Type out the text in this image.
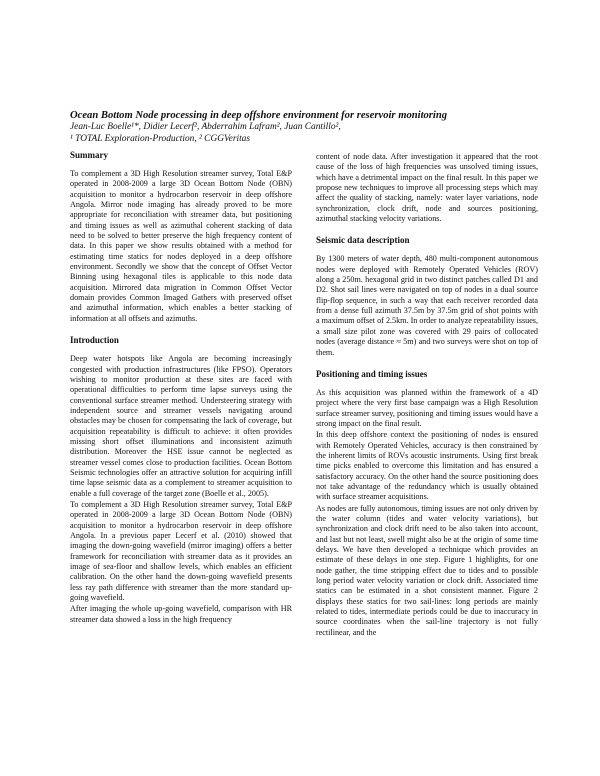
Ocean Bottom Node processing in deep offshore environment for reservoir monitoring

Jean-Luc Boelle¹*, Didier Lecerf², Abderrahim Lafram², Juan Cantillo²,

¹ TOTAL Exploration-Production, ² CGGVeritas

Summary

To complement a 3D High Resolution streamer survey, Total E&P operated in 2008-2009 a large 3D Ocean Bottom Node (OBN) acquisition to monitor a hydrocarbon reservoir in deep offshore Angola. Mirror node imaging has already proved to be more appropriate for reconciliation with streamer data, but positioning and timing issues as well as azimuthal coherent stacking of data need to be solved to better preserve the high frequency content of data. In this paper we show results obtained with a method for estimating time statics for nodes deployed in a deep offshore environment. Secondly we show that the concept of Offset Vector Binning using hexagonal tiles is applicable to this node data acquisition. Mirrored data migration in Common Offset Vector domain provides Common Imaged Gathers with preserved offset and azimuthal information, which enables a better stacking of information at all offsets and azimuths.

Introduction

Deep water hotspots like Angola are becoming increasingly congested with production infrastructures (like FPSO). Operators wishing to monitor production at these sites are faced with operational difficulties to perform time lapse surveys using the conventional surface streamer method. Understeering strategy with independent source and streamer vessels navigating around obstacles may be chosen for compensating the lack of coverage, but acquisition repeatability is difficult to achieve: it often provides missing short offset illuminations and inconsistent azimuth distribution. Moreover the HSE issue cannot be neglected as streamer vessel comes close to production facilities. Ocean Bottom Seismic technologies offer an attractive solution for acquiring infill time lapse seismic data as a complement to streamer acquisition to enable a full coverage of the target zone (Boelle et al., 2005).

To complement a 3D High Resolution streamer survey, Total E&P operated in 2008-2009 a large 3D Ocean Bottom Node (OBN) acquisition to monitor a hydrocarbon reservoir in deep offshore Angola. In a previous paper Lecerf et al. (2010) showed that imaging the down-going wavefield (mirror imaging) offers a better framework for reconciliation with streamer data as it provides an image of sea-floor and shallow levels, which enables an efficient calibration. On the other hand the down-going wavefield presents less ray path difference with streamer than the more standard up-going wavefield.

After imaging the whole up-going wavefield, comparison with HR streamer data showed a loss in the high frequency

content of node data. After investigation it appeared that the root cause of the loss of high frequencies was unsolved timing issues, which have a detrimental impact on the final result. In this paper we propose new techniques to improve all processing steps which may affect the quality of stacking, namely: water layer variations, node synchronization, clock drift, node and sources positioning, azimuthal stacking velocity variations.

Seismic data description

By 1300 meters of water depth, 480 multi-component autonomous nodes were deployed with Remotely Operated Vehicles (ROV) along a 250m. hexagonal grid in two distinct patches called D1 and D2. Shot sail lines were navigated on top of nodes in a dual source flip-flop sequence, in such a way that each receiver recorded data from a dense full azimuth 37.5m by 37.5m grid of shot points with a maximum offset of 2.5km. In order to analyze repeatability issues, a small size pilot zone was covered with 29 pairs of collocated nodes (average distance ≈ 5m) and two surveys were shot on top of them.

Positioning and timing issues

As this acquisition was planned within the framework of a 4D project where the very first base campaign was a High Resolution surface streamer survey, positioning and timing issues would have a strong impact on the final result.

In this deep offshore context the positioning of nodes is ensured with Remotely Operated Vehicles, accuracy is then constrained by the inherent limits of ROVs acoustic instruments. Using first break time picks enabled to overcome this limitation and has ensured a satisfactory accuracy. On the other hand the source positioning does not take advantage of the redundancy which is usually obtained with surface streamer acquisitions.

As nodes are fully autonomous, timing issues are not only driven by the water column (tides and water velocity variations), but synchronization and clock drift need to be also taken into account, and last but not least, swell might also be at the origin of some time delays. We have then developed a technique which provides an estimate of these delays in one step. Figure 1 highlights, for one node gather, the time stripping effect due to tides and to possible long period water velocity variation or clock drift. Associated time statics can be estimated in a shot consistent manner. Figure 2 displays these statics for two sail-lines: long periods are mainly related to tides, intermediate periods could be due to inaccuracy in source coordinates when the sail-line trajectory is not fully rectilinear, and the
